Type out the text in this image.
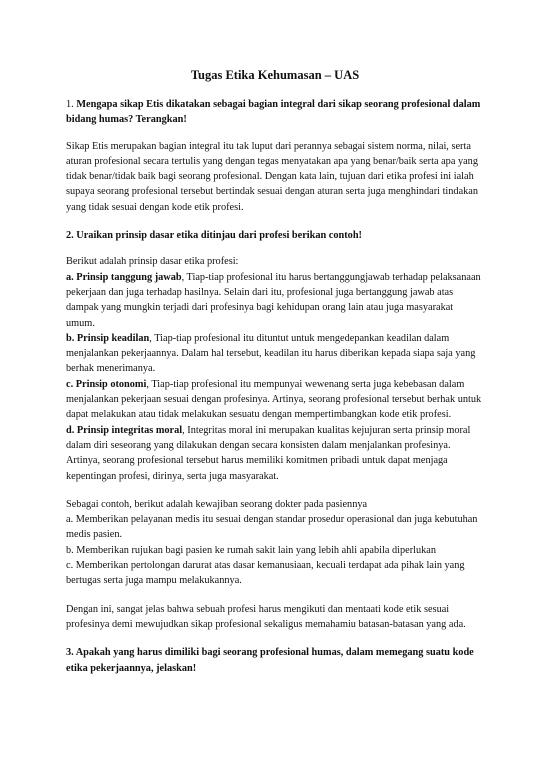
Tugas Etika Kehumasan – UAS

1. Mengapa sikap Etis dikatakan sebagai bagian integral dari sikap seorang profesional dalam bidang humas? Terangkan!

Sikap Etis merupakan bagian integral itu tak luput dari perannya sebagai sistem norma, nilai, serta aturan profesional secara tertulis yang dengan tegas menyatakan apa yang benar/baik serta apa yang tidak benar/tidak baik bagi seorang profesional. Dengan kata lain, tujuan dari etika profesi ini ialah supaya seorang profesional tersebut bertindak sesuai dengan aturan serta juga menghindari tindakan yang tidak sesuai dengan kode etik profesi.

2. Uraikan prinsip dasar etika ditinjau dari profesi berikan contoh!

Berikut adalah prinsip dasar etika profesi:

a. Prinsip tanggung jawab, Tiap-tiap profesional itu harus bertanggungjawab terhadap pelaksanaan pekerjaan dan juga terhadap hasilnya. Selain dari itu, profesional juga bertanggung jawab atas dampak yang mungkin terjadi dari profesinya bagi kehidupan orang lain atau juga masyarakat umum.

b. Prinsip keadilan, Tiap-tiap profesional itu dituntut untuk mengedepankan keadilan dalam menjalankan pekerjaannya. Dalam hal tersebut, keadilan itu harus diberikan kepada siapa saja yang berhak menerimanya.

c. Prinsip otonomi, Tiap-tiap profesional itu mempunyai wewenang serta juga kebebasan dalam menjalankan pekerjaan sesuai dengan profesinya. Artinya, seorang profesional tersebut berhak untuk dapat melakukan atau tidak melakukan sesuatu dengan mempertimbangkan kode etik profesi.

d. Prinsip integritas moral, Integritas moral ini merupakan kualitas kejujuran serta prinsip moral dalam diri seseorang yang dilakukan dengan secara konsisten dalam menjalankan profesinya. Artinya, seorang profesional tersebut harus memiliki komitmen pribadi untuk dapat menjaga kepentingan profesi, dirinya, serta juga masyarakat.

Sebagai contoh, berikut adalah kewajiban seorang dokter pada pasiennya

a. Memberikan pelayanan medis itu sesuai dengan standar prosedur operasional dan juga kebutuhan medis pasien.

b. Memberikan rujukan bagi pasien ke rumah sakit lain yang lebih ahli apabila diperlukan

c. Memberikan pertolongan darurat atas dasar kemanusiaan, kecuali terdapat ada pihak lain yang bertugas serta juga mampu melakukannya.

Dengan ini, sangat jelas bahwa sebuah profesi harus mengikuti dan mentaati kode etik sesuai profesinya demi mewujudkan sikap profesional sekaligus memahamiu batasan-batasan yang ada.

3. Apakah yang harus dimiliki bagi seorang profesional humas, dalam memegang suatu kode etika pekerjaannya, jelaskan!
